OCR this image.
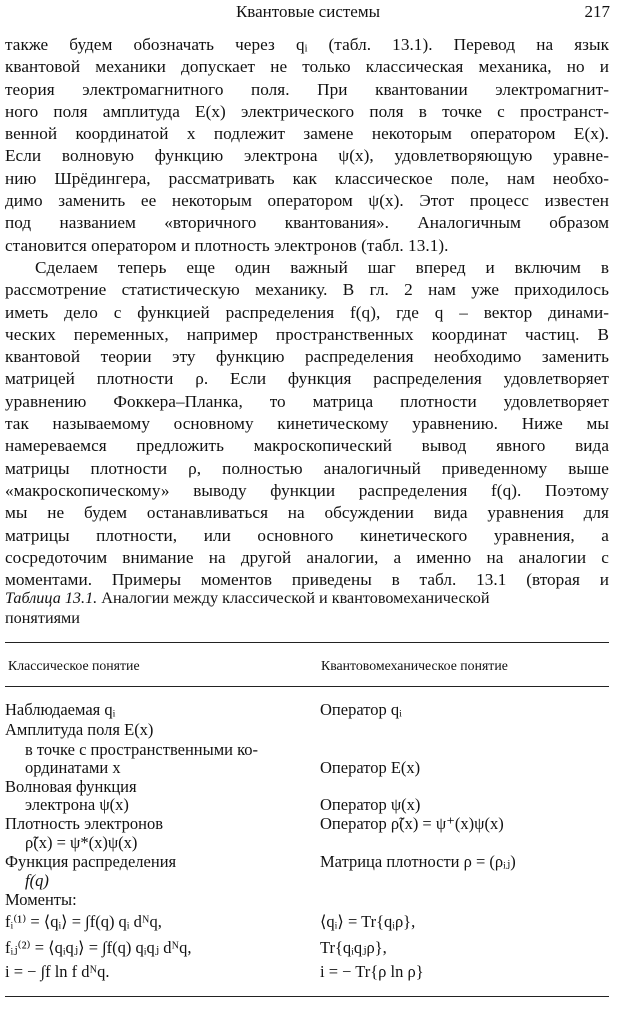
Квантовые системы	217
также будем обозначать через qᵢ (табл. 13.1). Перевод на язык
квантовой механики допускает не только классическая механика, но и
теория электромагнитного поля. При квантовании электромагнит-
ного поля амплитуда E(x) электрического поля в точке с пространст-
венной координатой x подлежит замене некоторым оператором E(x).
Если волновую функцию электрона ψ(x), удовлетворяющую уравне-
нию Шрёдингера, рассматривать как классическое поле, нам необхо-
димо заменить ее некоторым оператором ψ(x). Этот процесс известен
под названием «вторичного квантования». Аналогичным образом
становится оператором и плотность электронов (табл. 13.1).
Сделаем теперь еще один важный шаг вперед и включим в
рассмотрение статистическую механику. В гл. 2 нам уже приходилось
иметь дело с функцией распределения f(q), где q – вектор динами-
ческих переменных, например пространственных координат частиц. В
квантовой теории эту функцию распределения необходимо заменить
матрицей плотности ρ. Если функция распределения удовлетворяет
уравнению Фоккера–Планка, то матрица плотности удовлетворяет
так называемому основному кинетическому уравнению. Ниже мы
намереваемся предложить макроскопический вывод явного вида
матрицы плотности ρ, полностью аналогичный приведенному выше
«макроскопическому» выводу функции распределения f(q). Поэтому
мы не будем останавливаться на обсуждении вида уравнения для
матрицы плотности, или основного кинетического уравнения, а
сосредоточим внимание на другой аналогии, а именно на аналогии с
моментами. Примеры моментов приведены в табл. 13.1 (вторая и
Таблица 13.1. Аналогии между классической и квантовомеханической
понятиями
Классическое понятие	Квантовомеханическое понятие
Наблюдаемая qᵢ	Оператор qᵢ
Амплитуда поля E(x)
в точке с пространственными ко-
ординатами x	Оператор E(x)
Волновая функция
электрона ψ(x)	Оператор ψ(x)
Плотность электронов	Оператор ρ̃(x) = ψ⁺(x)ψ(x)
ρ̃(x) = ψ*(x)ψ(x)
Функция распределения	Матрица плотности ρ = (ρᵢⱼ)
f(q)
Моменты:
fᵢ⁽¹⁾ = ⟨qᵢ⟩ = ∫f(q) qᵢ dᴺq,	⟨qᵢ⟩ = Tr{qᵢρ},
fᵢⱼ⁽²⁾ = ⟨qᵢqⱼ⟩ = ∫f(q) qᵢqⱼ dᴺq,	Tr{qᵢqⱼρ},
i = − ∫f ln f dᴺq.	i = − Tr{ρ ln ρ}
